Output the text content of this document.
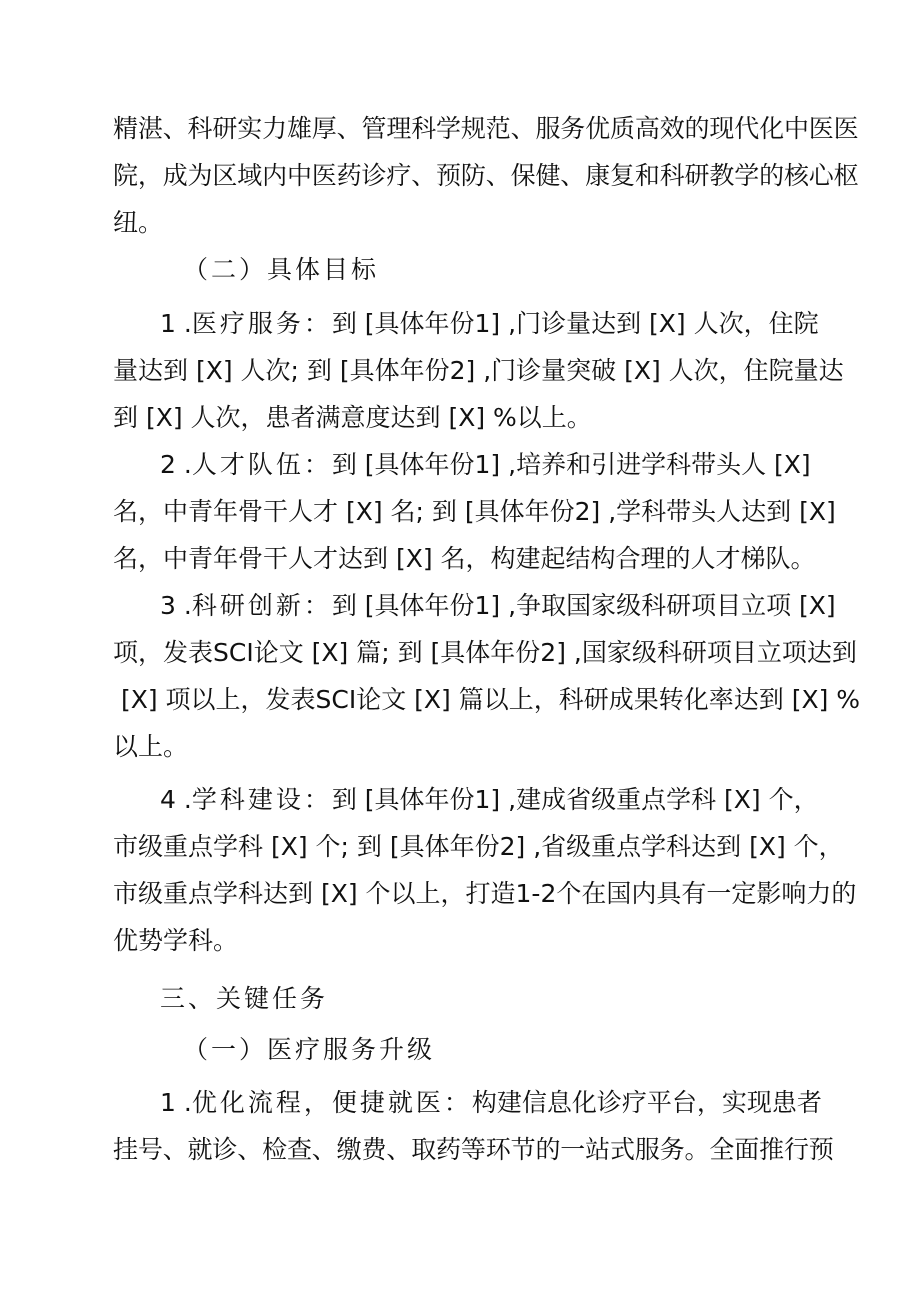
精湛、科研实力雄厚、管理科学规范、服务优质高效的现代化中医医
院，成为区域内中医药诊疗、预防、保健、康复和科研教学的核心枢
纽。
（二）具体目标
1 .医疗服务：到 [具体年份1] ,门诊量达到 [X] 人次，住院
量达到 [X] 人次; 到 [具体年份2] ,门诊量突破 [X] 人次，住院量达
到 [X] 人次，患者满意度达到 [X] %以上。
2 .人才队伍：到 [具体年份1] ,培养和引进学科带头人 [X]
名，中青年骨干人才 [X] 名; 到 [具体年份2] ,学科带头人达到 [X]
名，中青年骨干人才达到 [X] 名，构建起结构合理的人才梯队。
3 .科研创新：到 [具体年份1] ,争取国家级科研项目立项 [X]
项，发表SCI论文 [X] 篇; 到 [具体年份2] ,国家级科研项目立项达到
[X] 项以上，发表SCI论文 [X] 篇以上，科研成果转化率达到 [X] %
以上。
4 .学科建设：到 [具体年份1] ,建成省级重点学科 [X] 个，
市级重点学科 [X] 个; 到 [具体年份2] ,省级重点学科达到 [X] 个，
市级重点学科达到 [X] 个以上，打造1-2个在国内具有一定影响力的
优势学科。
三、关键任务
（一）医疗服务升级
1 .优化流程，便捷就医：构建信息化诊疗平台，实现患者
挂号、就诊、检查、缴费、取药等环节的一站式服务。全面推行预
